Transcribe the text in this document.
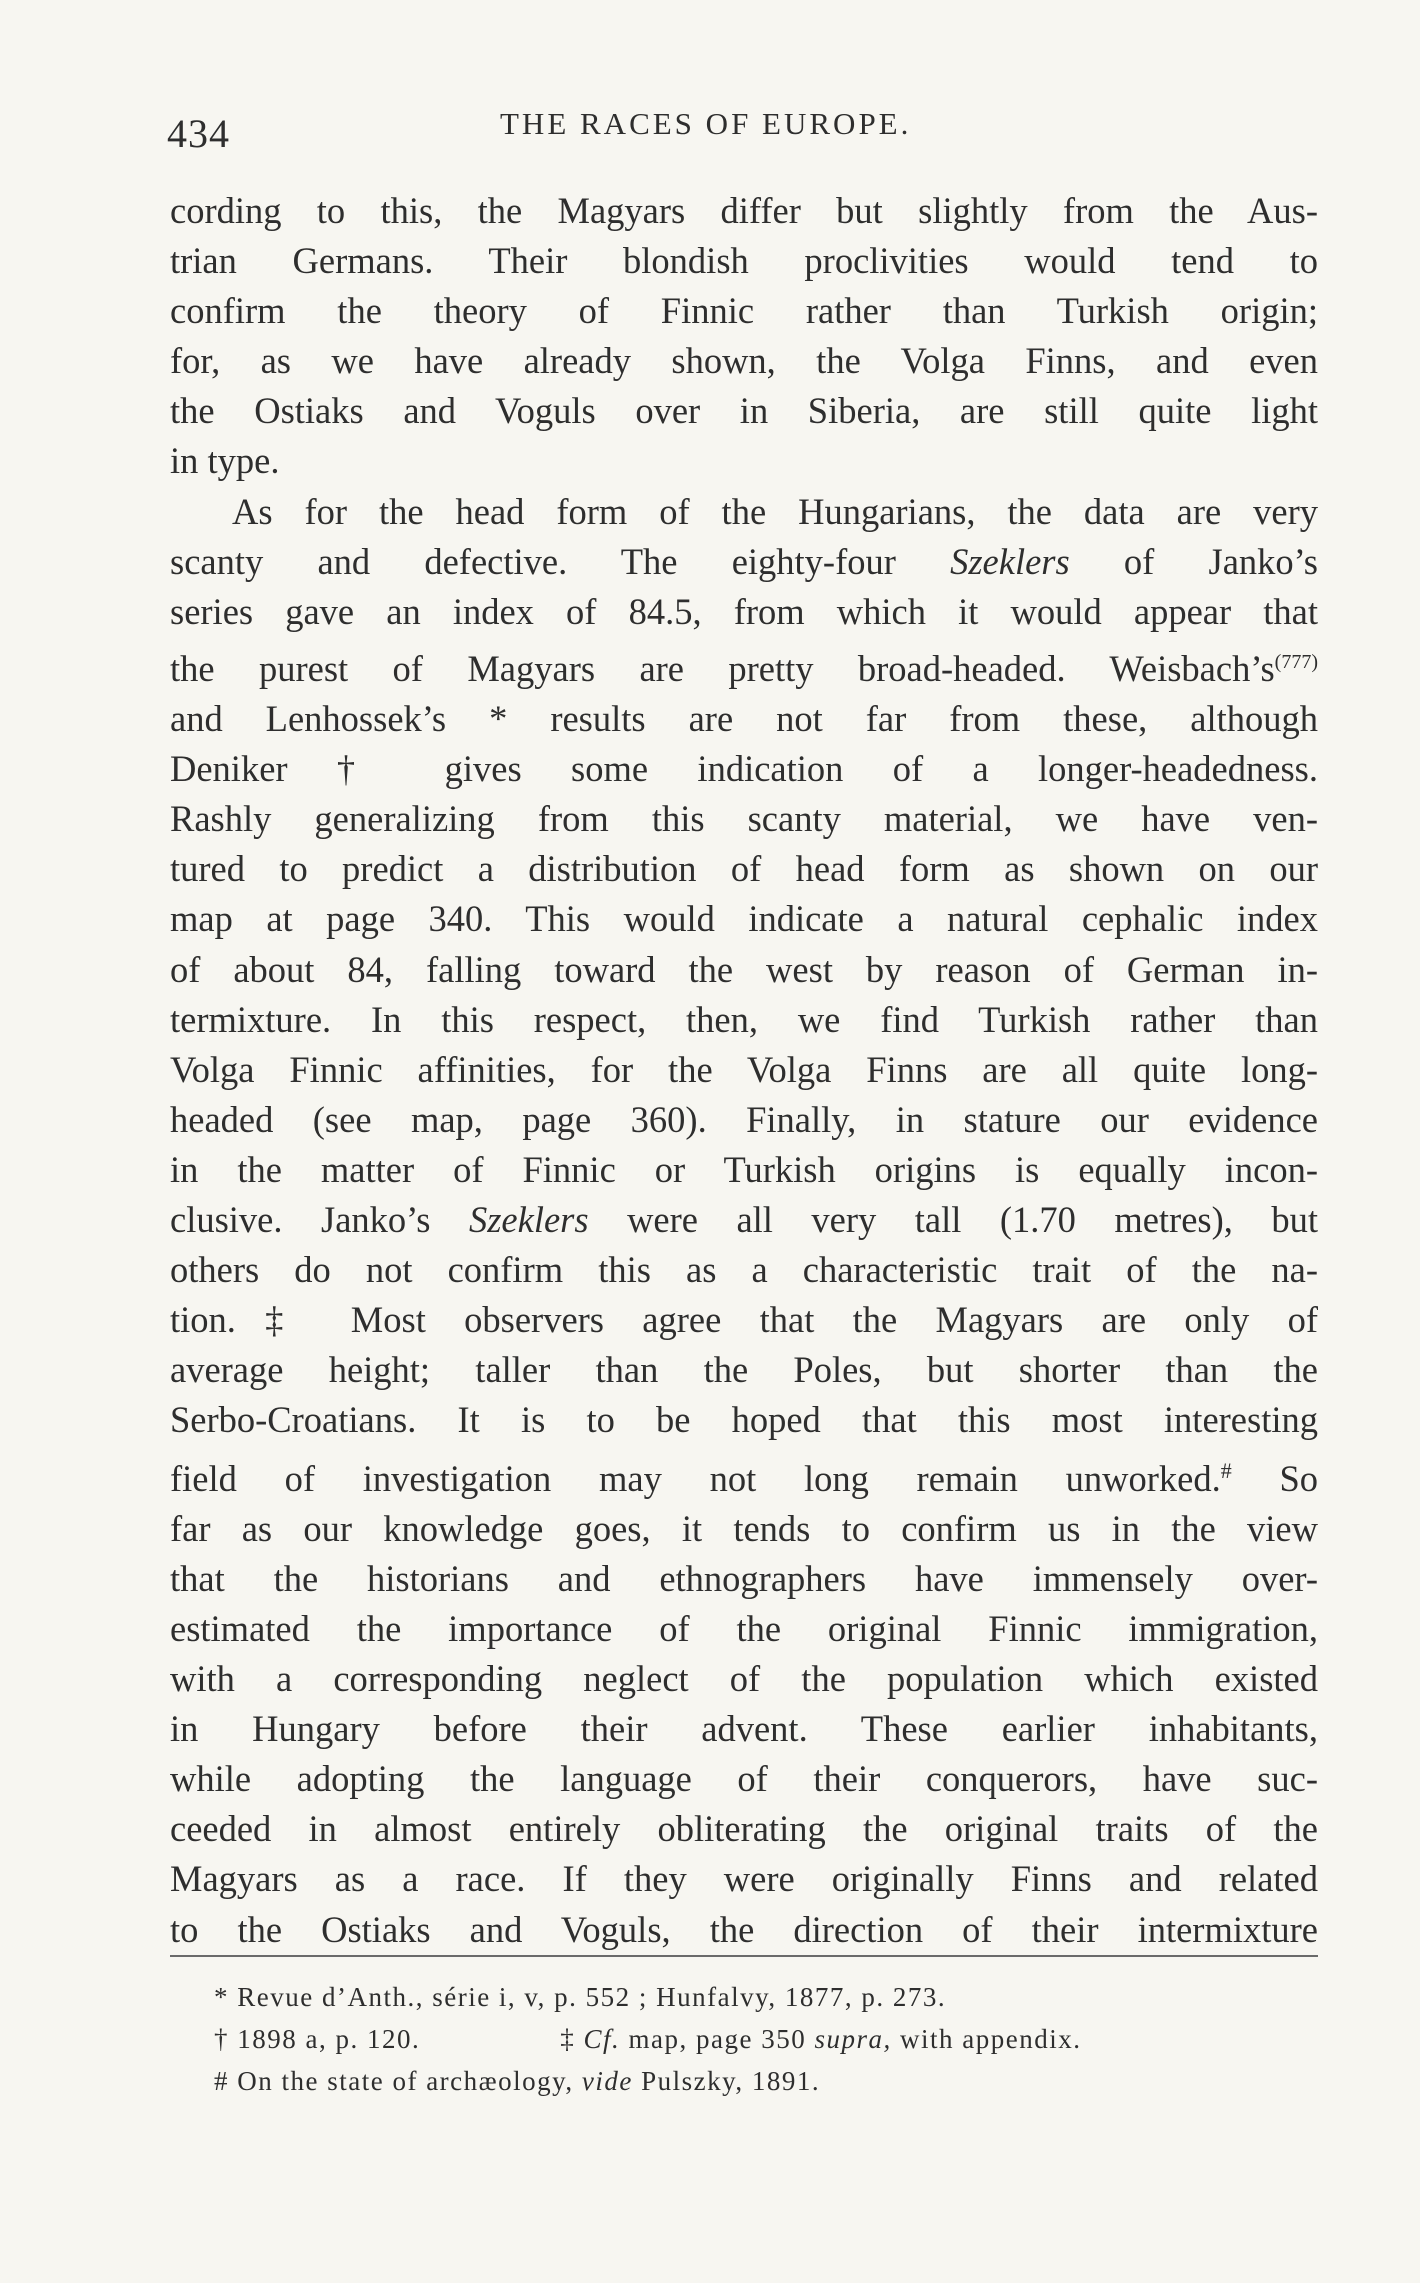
434	THE RACES OF EUROPE.
cording to this, the Magyars differ but slightly from the Aus-
trian Germans. Their blondish proclivities would tend to
confirm the theory of Finnic rather than Turkish origin;
for, as we have already shown, the Volga Finns, and even
the Ostiaks and Voguls over in Siberia, are still quite light
in type.
As for the head form of the Hungarians, the data are very
scanty and defective. The eighty-four Szeklers of Janko’s
series gave an index of 84.5, from which it would appear that
the purest of Magyars are pretty broad-headed. $Weisbach’s^{(777)}$
and Lenhossek’s * results are not far from these, although
Deniker † gives some indication of a longer-headedness.
Rashly generalizing from this scanty material, we have ven-
tured to predict a distribution of head form as shown on our
map at page 340. This would indicate a natural cephalic index
of about 84, falling toward the west by reason of German in-
termixture. In this respect, then, we find Turkish rather than
Volga Finnic affinities, for the Volga Finns are all quite long-
headed (see map, page 360). Finally, in stature our evidence
in the matter of Finnic or Turkish origins is equally incon-
clusive. Janko’s Szeklers were all very tall (1.70 metres), but
others do not confirm this as a characteristic trait of the na-
tion.‡ Most observers agree that the Magyars are only of
average height; taller than the Poles, but shorter than the
Serbo-Croatians. It is to be hoped that this most interesting
field of investigation may not long remain unworked.# So
far as our knowledge goes, it tends to confirm us in the view
that the historians and ethnographers have immensely over-
estimated the importance of the original Finnic immigration,
with a corresponding neglect of the population which existed
in Hungary before their advent. These earlier inhabitants,
while adopting the language of their conquerors, have suc-
ceeded in almost entirely obliterating the original traits of the
Magyars as a race. If they were originally Finns and related
to the Ostiaks and Voguls, the direction of their intermixture
* Revue d’Anth., série i, v, p. 552 ; Hunfalvy, 1877, p. 273.
† 1898 a, p. 120.	‡ Cf. map, page 350 supra, with appendix.
# On the state of archæology, vide Pulszky, 1891.
